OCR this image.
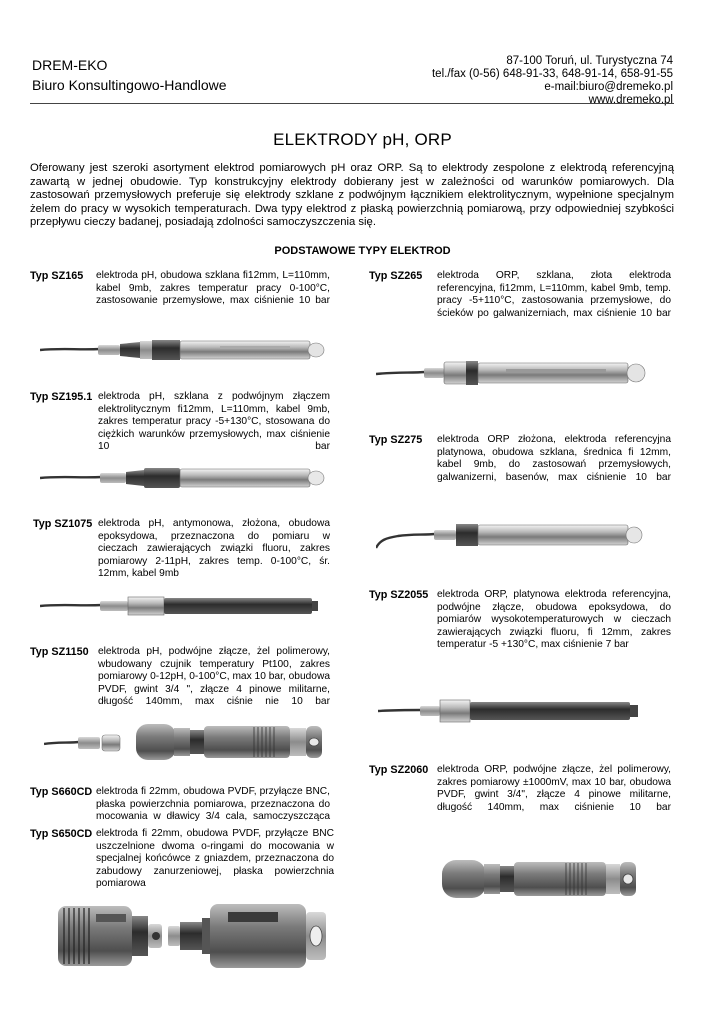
DREM-EKO
Biuro Konsultingowo-Handlowe
87-100 Toruń, ul. Turystyczna 74
tel./fax (0-56) 648-91-33, 648-91-14, 658-91-55
e-mail:biuro@dremeko.pl
www.dremeko.pl
ELEKTRODY pH, ORP
Oferowany jest szeroki asortyment elektrod pomiarowych pH oraz ORP. Są to elektrody zespolone z elektrodą referencyjną zawartą w jednej obudowie. Typ konstrukcyjny elektrody dobierany jest w zależności od warunków pomiarowych. Dla zastosowań przemysłowych preferuje się elektrody szklane z podwójnym łącznikiem elektrolitycznym, wypełnione specjalnym żelem do pracy w wysokich temperaturach. Dwa typy elektrod z płaską powierzchnią pomiarową, przy odpowiedniej szybkości przepływu cieczy badanej, posiadają zdolności samoczyszczenia się.
PODSTAWOWE TYPY ELEKTROD
Typ SZ165 elektroda pH, obudowa szklana fi12mm, L=110mm, kabel 9mb, zakres temperatur pracy 0-100°C, zastosowanie przemysłowe, max ciśnienie 10 bar
Typ SZ195.1 elektroda pH, szklana z podwójnym złączem elektrolitycznym fi12mm, L=110mm, kabel 9mb, zakres temperatur pracy -5+130°C, stosowana do ciężkich warunków przemysłowych, max ciśnienie 10 bar
Typ SZ1075 elektroda pH, antymonowa, złożona, obudowa epoksydowa, przeznaczona do pomiaru w cieczach zawierających związki fluoru, zakres pomiarowy 2-11pH, zakres temp. 0-100°C, śr. 12mm, kabel 9mb
Typ SZ1150 elektroda pH, podwójne złącze, żel polimerowy, wbudowany czujnik temperatury Pt100, zakres pomiarowy 0-12pH, 0-100°C, max 10 bar, obudowa PVDF, gwint 3/4 ", złącze 4 pinowe militarne, długość 140mm, max ciśnie nie 10 bar
Typ S660CD elektroda fi 22mm, obudowa PVDF, przyłącze BNC, płaska powierzchnia pomiarowa, przeznaczona do mocowania w dławicy 3/4 cala, samoczyszcząca
Typ S650CD elektroda fi 22mm, obudowa PVDF, przyłącze BNC uszczelnione dwoma o-ringami do mocowania w specjalnej końcówce z gniazdem, przeznaczona do zabudowy zanurzeniowej, płaska powierzchnia pomiarowa
Typ SZ265 elektroda ORP, szklana, złota elektroda referencyjna, fi12mm, L=110mm, kabel 9mb, temp. pracy -5+110°C, zastosowania przemysłowe, do ścieków po galwanizerniach, max ciśnienie 10 bar
Typ SZ275 elektroda ORP złożona, elektroda referencyjna platynowa, obudowa szklana, średnica fi 12mm, kabel 9mb, do zastosowań przemysłowych, galwanizerni, basenów, max ciśnienie 10 bar
Typ SZ2055 elektroda ORP, platynowa elektroda referencyjna, podwójne złącze, obudowa epoksydowa, do pomiarów wysokotemperaturowych w cieczach zawierających związki fluoru, fi 12mm, zakres temperatur -5 +130°C, max ciśnienie 7 bar
Typ SZ2060 elektroda ORP, podwójne złącze, żel polimerowy, zakres pomiarowy ±1000mV, max 10 bar, obudowa PVDF, gwint 3/4", złącze 4 pinowe militarne, długość 140mm, max ciśnienie 10 bar
